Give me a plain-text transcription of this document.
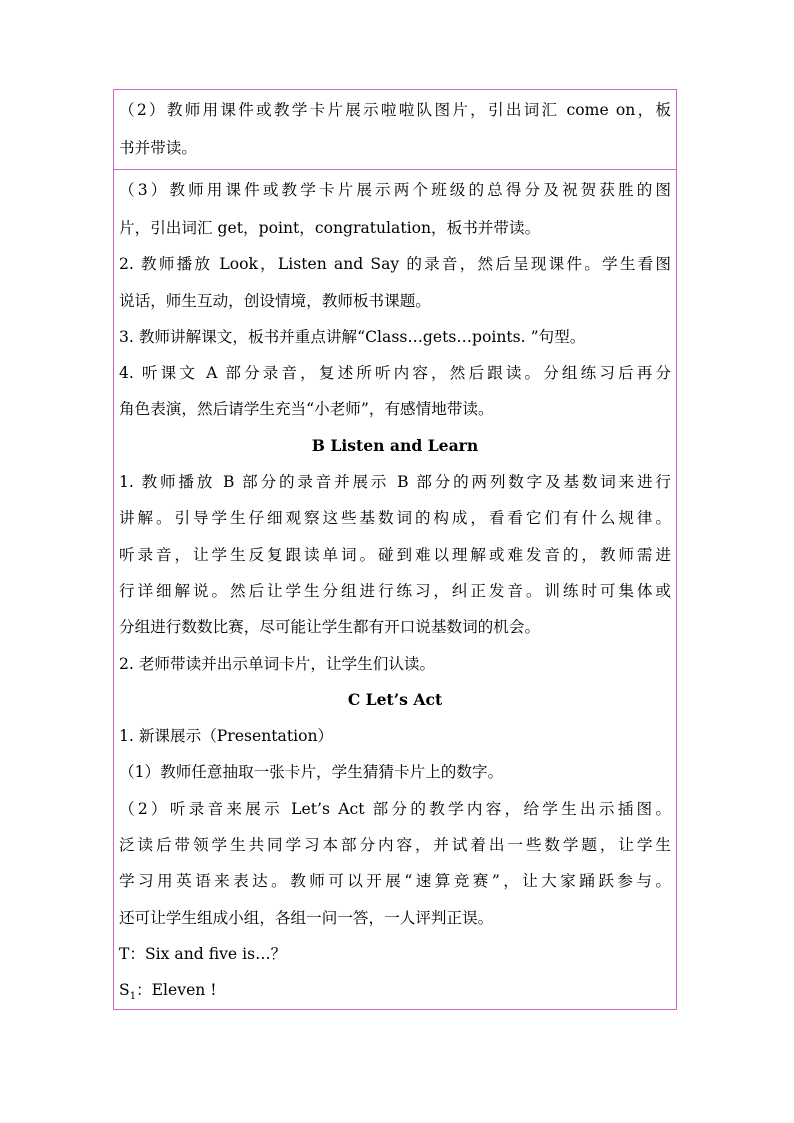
（2）教师用课件或教学卡片展示啦啦队图片，引出词汇 come on，板
书并带读。

（3）教师用课件或教学卡片展示两个班级的总得分及祝贺获胜的图
片，引出词汇 get，point，congratulation，板书并带读。
2. 教师播放 Look，Listen and Say 的录音，然后呈现课件。学生看图
说话，师生互动，创设情境，教师板书课题。
3. 教师讲解课文，板书并重点讲解“Class…gets…points. ”句型。
4. 听课文 A 部分录音，复述所听内容，然后跟读。分组练习后再分
角色表演，然后请学生充当“小老师”，有感情地带读。
B Listen and Learn
1. 教师播放 B 部分的录音并展示 B 部分的两列数字及基数词来进行
讲解。引导学生仔细观察这些基数词的构成，看看它们有什么规律。
听录音，让学生反复跟读单词。碰到难以理解或难发音的，教师需进
行详细解说。然后让学生分组进行练习，纠正发音。训练时可集体或
分组进行数数比赛，尽可能让学生都有开口说基数词的机会。
2. 老师带读并出示单词卡片，让学生们认读。
C Let’s Act
1. 新课展示（Presentation）
（1）教师任意抽取一张卡片，学生猜猜卡片上的数字。
（2）听录音来展示 Let’s Act 部分的教学内容，给学生出示插图。
泛读后带领学生共同学习本部分内容，并试着出一些数学题，让学生
学习用英语来表达。教师可以开展“速算竞赛”，让大家踊跃参与。
还可让学生组成小组，各组一问一答，一人评判正误。
T：Six and five is…？
$S_1$：Eleven !
